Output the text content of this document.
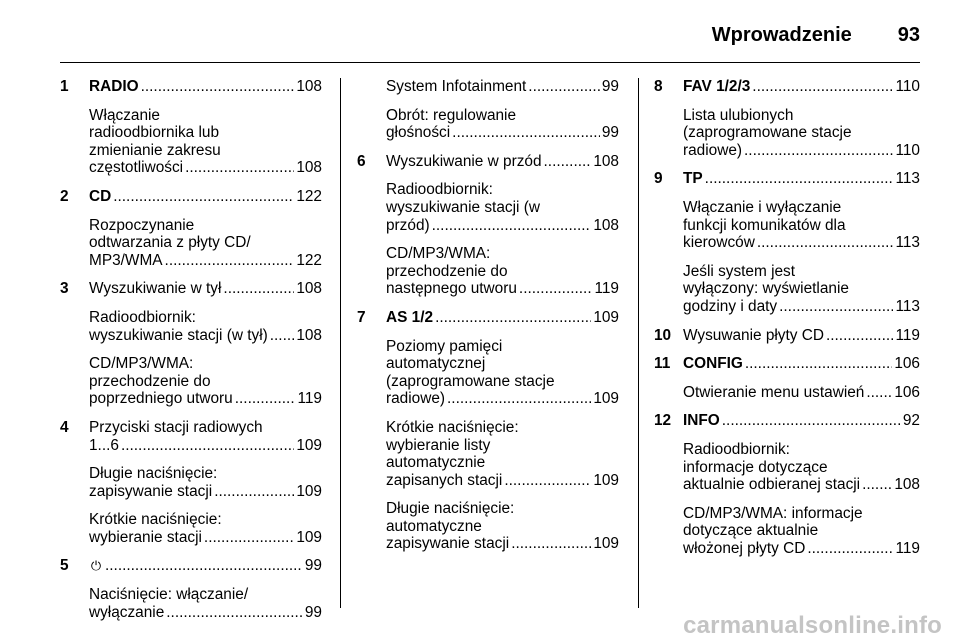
Wprowadzenie 93
1	RADIO .....	108
Włączanie
radioodbiornika lub
zmienianie zakresu
częstotliwości .....	108
2	CD .....	122
Rozpoczynanie
odtwarzania z płyty CD/
MP3/WMA .....	122
3	Wyszukiwanie w tył .....	108
Radioodbiornik:
wyszukiwanie stacji (w tył) ..... 108
CD/MP3/WMA:
przechodzenie do
poprzedniego utworu .....	119
4	Przyciski stacji radiowych
1...6 .....	109
Długie naciśnięcie:
zapisywanie stacji .....	109
Krótkie naciśnięcie:
wybieranie stacji .....	109
5	⏻ .....	99
Naciśnięcie: włączanie/
wyłączanie .....	99
System Infotainment .....	99
Obrót: regulowanie
głośności .....	99
6	Wyszukiwanie w przód .....	108
Radioodbiornik:
wyszukiwanie stacji (w
przód) .....	108
CD/MP3/WMA:
przechodzenie do
następnego utworu .....	119
7	AS 1/2 .....	109
Poziomy pamięci
automatycznej
(zaprogramowane stacje
radiowe) .....	109
Krótkie naciśnięcie:
wybieranie listy
automatycznie
zapisanych stacji .....	109
Długie naciśnięcie:
automatyczne
zapisywanie stacji .....	109
8	FAV 1/2/3 .....	110
Lista ulubionych
(zaprogramowane stacje
radiowe) .....	110
9	TP .....	113
Włączanie i wyłączanie
funkcji komunikatów dla
kierowców .....	113
Jeśli system jest
wyłączony: wyświetlanie
godziny i daty .....	113
10 Wysuwanie płyty CD .....	119
11 CONFIG .....	106
Otwieranie menu ustawień ..... 106
12 INFO .....	92
Radioodbiornik:
informacje dotyczące
aktualnie odbieranej stacji ..... 108
CD/MP3/WMA: informacje
dotyczące aktualnie
włożonej płyty CD .....	119
carmanualsonline.info
